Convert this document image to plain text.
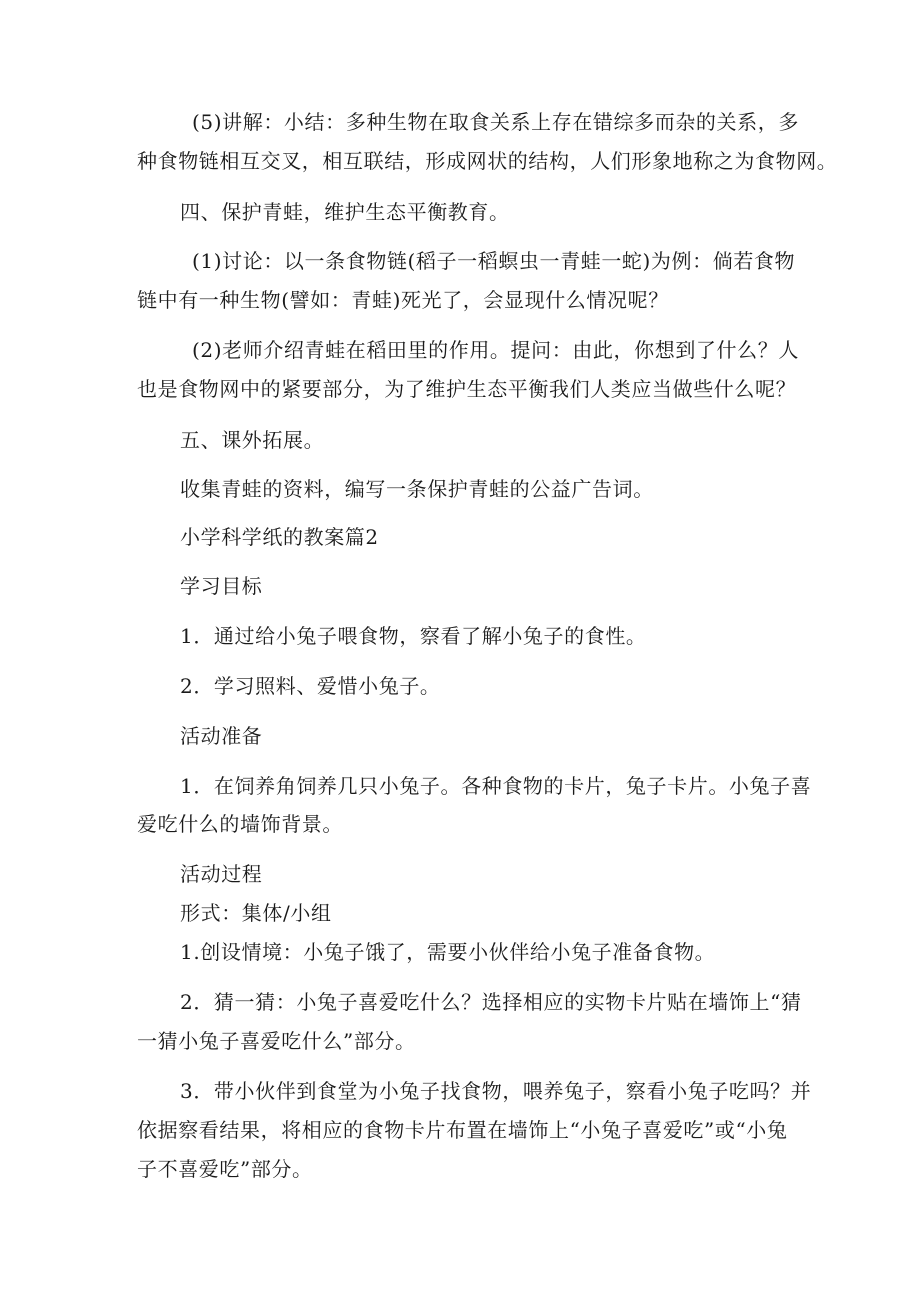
(5)讲解：小结：多种生物在取食关系上存在错综多而杂的关系，多
种食物链相互交叉，相互联结，形成网状的结构，人们形象地称之为食物网。
四、保护青蛙，维护生态平衡教育。
(1)讨论：以一条食物链(稻子一稻螟虫一青蛙一蛇)为例：倘若食物
链中有一种生物(譬如：青蛙)死光了，会显现什么情况呢？
(2)老师介绍青蛙在稻田里的作用。提问：由此，你想到了什么？人
也是食物网中的紧要部分，为了维护生态平衡我们人类应当做些什么呢？
五、课外拓展。
收集青蛙的资料，编写一条保护青蛙的公益广告词。
小学科学纸的教案篇2
学习目标
1．通过给小兔子喂食物，察看了解小兔子的食性。
2．学习照料、爱惜小兔子。
活动准备
1．在饲养角饲养几只小兔子。各种食物的卡片，兔子卡片。小兔子喜
爱吃什么的墙饰背景。
活动过程
形式：集体/小组
1.创设情境：小兔子饿了，需要小伙伴给小兔子准备食物。
2．猜一猜：小兔子喜爱吃什么？选择相应的实物卡片贴在墙饰上“猜
一猜小兔子喜爱吃什么”部分。
3．带小伙伴到食堂为小兔子找食物，喂养兔子，察看小兔子吃吗？并
依据察看结果，将相应的食物卡片布置在墙饰上“小兔子喜爱吃”或“小兔
子不喜爱吃”部分。
